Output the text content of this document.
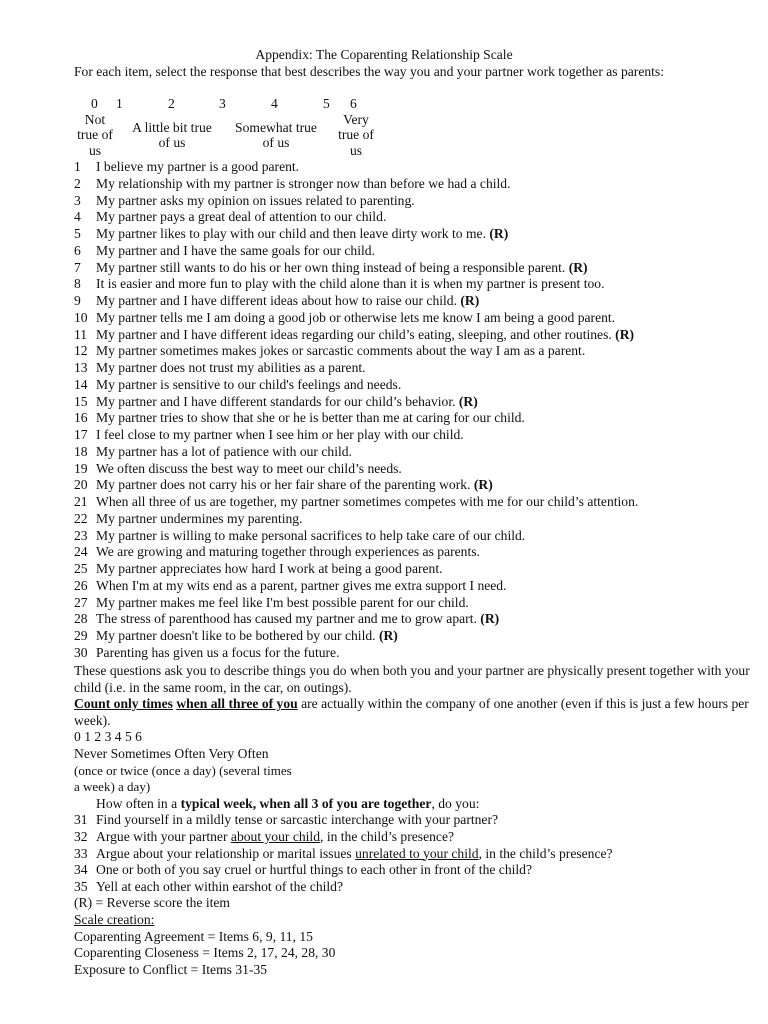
Appendix: The Coparenting Relationship Scale
For each item, select the response that best describes the way you and your partner work together as parents:
0 1	2	3	4	5 6
Not true of us
A little bit true of us
Somewhat true of us
Very true of us
1 I believe my partner is a good parent.
2 My relationship with my partner is stronger now than before we had a child.
3 My partner asks my opinion on issues related to parenting.
4 My partner pays a great deal of attention to our child.
5 My partner likes to play with our child and then leave dirty work to me. (R)
6 My partner and I have the same goals for our child.
7 My partner still wants to do his or her own thing instead of being a responsible parent. (R)
8 It is easier and more fun to play with the child alone than it is when my partner is present too.
9 My partner and I have different ideas about how to raise our child. (R)
10 My partner tells me I am doing a good job or otherwise lets me know I am being a good parent.
11 My partner and I have different ideas regarding our child’s eating, sleeping, and other routines. (R)
12 My partner sometimes makes jokes or sarcastic comments about the way I am as a parent.
13 My partner does not trust my abilities as a parent.
14 My partner is sensitive to our child's feelings and needs.
15 My partner and I have different standards for our child’s behavior. (R)
16 My partner tries to show that she or he is better than me at caring for our child.
17 I feel close to my partner when I see him or her play with our child.
18 My partner has a lot of patience with our child.
19 We often discuss the best way to meet our child’s needs.
20 My partner does not carry his or her fair share of the parenting work. (R)
21 When all three of us are together, my partner sometimes competes with me for our child’s attention.
22 My partner undermines my parenting.
23 My partner is willing to make personal sacrifices to help take care of our child.
24 We are growing and maturing together through experiences as parents.
25 My partner appreciates how hard I work at being a good parent.
26 When I'm at my wits end as a parent, partner gives me extra support I need.
27 My partner makes me feel like I'm best possible parent for our child.
28 The stress of parenthood has caused my partner and me to grow apart. (R)
29 My partner doesn't like to be bothered by our child. (R)
30 Parenting has given us a focus for the future.
These questions ask you to describe things you do when both you and your partner are physically present together with your child (i.e. in the same room, in the car, on outings).
Count only times when all three of you are actually within the company of one another (even if this is just a few hours per week).
0 1 2 3 4 5 6
Never Sometimes Often Very Often
(once or twice (once a day) (several times
a week) a day)
How often in a typical week, when all 3 of you are together, do you:
31 Find yourself in a mildly tense or sarcastic interchange with your partner?
32 Argue with your partner about your child, in the child’s presence?
33 Argue about your relationship or marital issues unrelated to your child, in the child’s presence?
34 One or both of you say cruel or hurtful things to each other in front of the child?
35 Yell at each other within earshot of the child?
(R) = Reverse score the item
Scale creation:
Coparenting Agreement = Items 6, 9, 11, 15
Coparenting Closeness = Items 2, 17, 24, 28, 30
Exposure to Conflict = Items 31-35
